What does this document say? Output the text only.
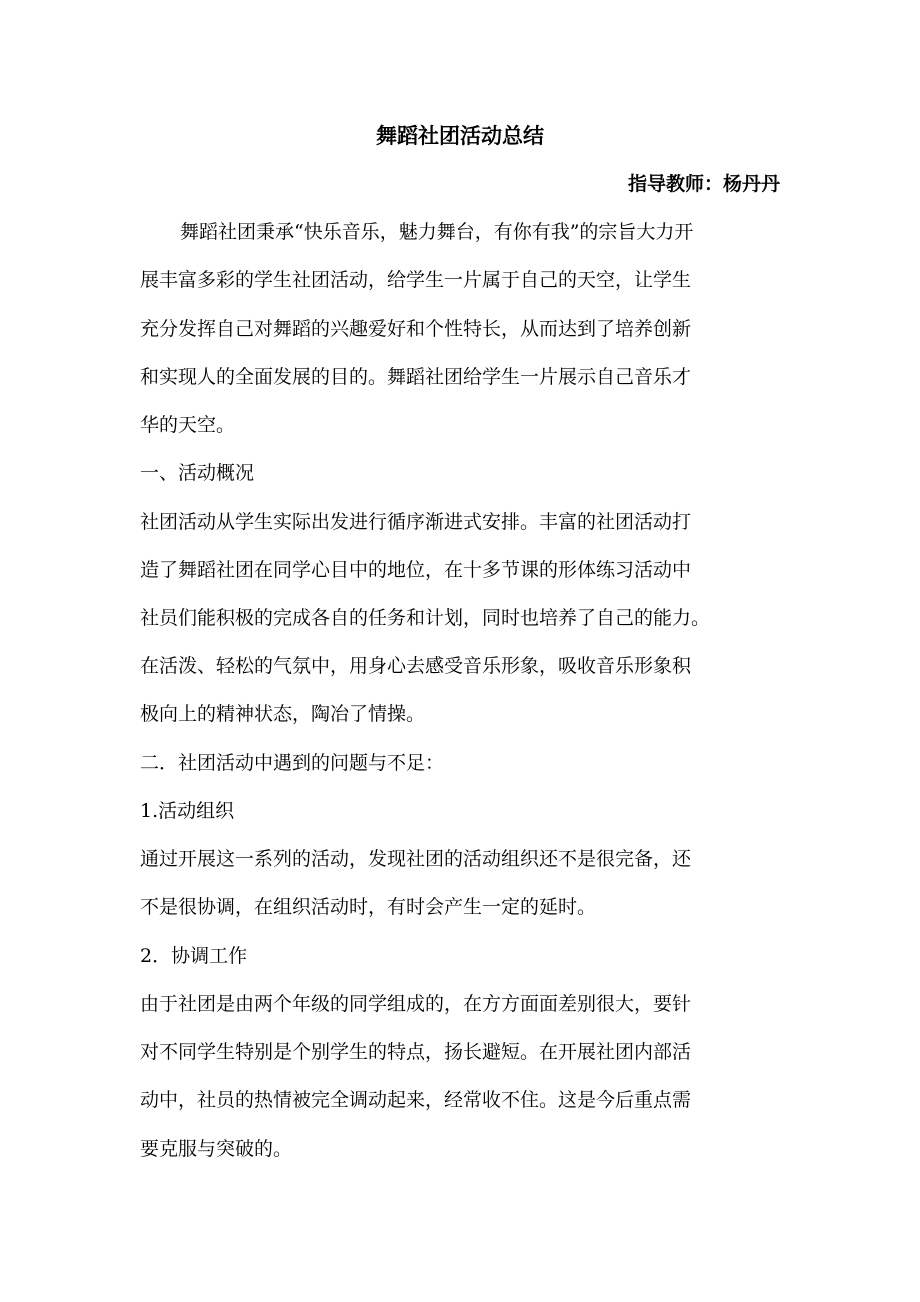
舞蹈社团活动总结
指导教师：杨丹丹
舞蹈社团秉承“快乐音乐，魅力舞台，有你有我”的宗旨大力开
展丰富多彩的学生社团活动，给学生一片属于自己的天空，让学生
充分发挥自己对舞蹈的兴趣爱好和个性特长，从而达到了培养创新
和实现人的全面发展的目的。舞蹈社团给学生一片展示自己音乐才
华的天空。
一、活动概况
社团活动从学生实际出发进行循序渐进式安排。丰富的社团活动打
造了舞蹈社团在同学心目中的地位，在十多节课的形体练习活动中
社员们能积极的完成各自的任务和计划，同时也培养了自己的能力。
在活泼、轻松的气氛中，用身心去感受音乐形象，吸收音乐形象积
极向上的精神状态，陶冶了情操。
二．社团活动中遇到的问题与不足：
1.活动组织
通过开展这一系列的活动，发现社团的活动组织还不是很完备，还
不是很协调，在组织活动时，有时会产生一定的延时。
2．协调工作
由于社团是由两个年级的同学组成的，在方方面面差别很大，要针
对不同学生特别是个别学生的特点，扬长避短。在开展社团内部活
动中，社员的热情被完全调动起来，经常收不住。这是今后重点需
要克服与突破的。
